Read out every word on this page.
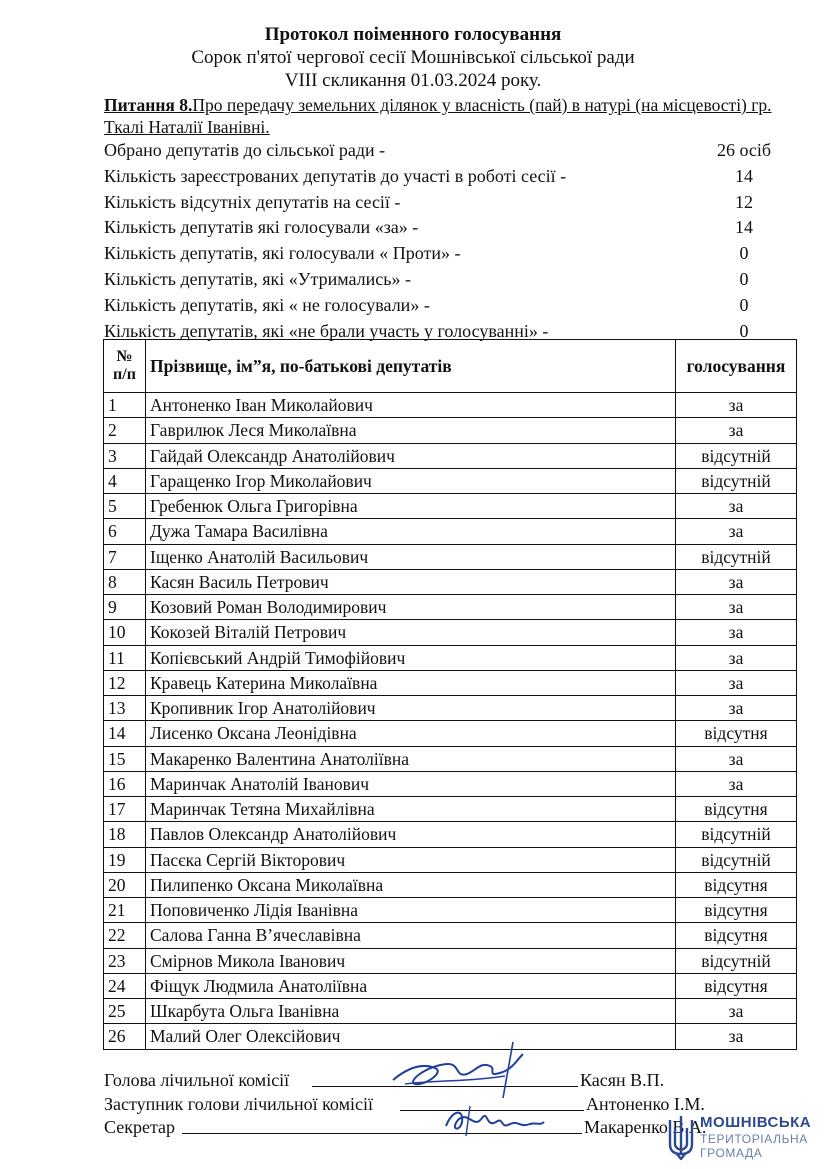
Протокол поіменного голосування
Сорок п'ятої чергової сесії Мошнівської сільської ради
VIII скликання 01.03.2024 року.
Питання 8.Про передачу земельних ділянок у власність (пай) в натурі (на місцевості) гр. Ткалі Наталії Іванівні.
Обрано депутатів до сільської ради -	26 осіб
Кількість зареєстрованих депутатів до участі в роботі сесії -	14
Кількість відсутніх депутатів на сесії -	12
Кількість депутатів які голосували «за» -	14
Кількість депутатів, які голосували « Проти» -	0
Кількість депутатів, які «Утримались» -	0
Кількість депутатів, які « не голосували» -	0
Кількість депутатів, які «не брали участь у голосуванні» -	0
№ п/п	Прізвище, ім”я, по-батькові депутатів	голосування
1	Антоненко Іван Миколайович	за
2	Гаврилюк Леся Миколаївна	за
3	Гайдай Олександр Анатолійович	відсутній
4	Гаращенко Ігор Миколайович	відсутній
5	Гребенюк Ольга Григорівна	за
6	Дужа Тамара Василівна	за
7	Іщенко Анатолій Васильович	відсутній
8	Касян Василь Петрович	за
9	Козовий Роман Володимирович	за
10	Кокозей Віталій Петрович	за
11	Копієвський Андрій Тимофійович	за
12	Кравець Катерина Миколаївна	за
13	Кропивник Ігор Анатолійович	за
14	Лисенко Оксана Леонідівна	відсутня
15	Макаренко Валентина Анатоліївна	за
16	Маринчак Анатолій Іванович	за
17	Маринчак Тетяна Михайлівна	відсутня
18	Павлов Олександр Анатолійович	відсутній
19	Пасєка Сергій Вікторович	відсутній
20	Пилипенко Оксана Миколаївна	відсутня
21	Поповиченко Лідія Іванівна	відсутня
22	Салова Ганна В’ячеславівна	відсутня
23	Смірнов Микола Іванович	відсутній
24	Фіщук Людмила Анатоліївна	відсутня
25	Шкарбута Ольга Іванівна	за
26	Малий Олег Олексійович	за
Голова лічильної комісії	Касян В.П.
Заступник голови лічильної комісії	Антоненко І.М.
Секретар	Макаренко В.А.
МОШНІВСЬКА
ТЕРИТОРІАЛЬНА
ГРОМАДА
